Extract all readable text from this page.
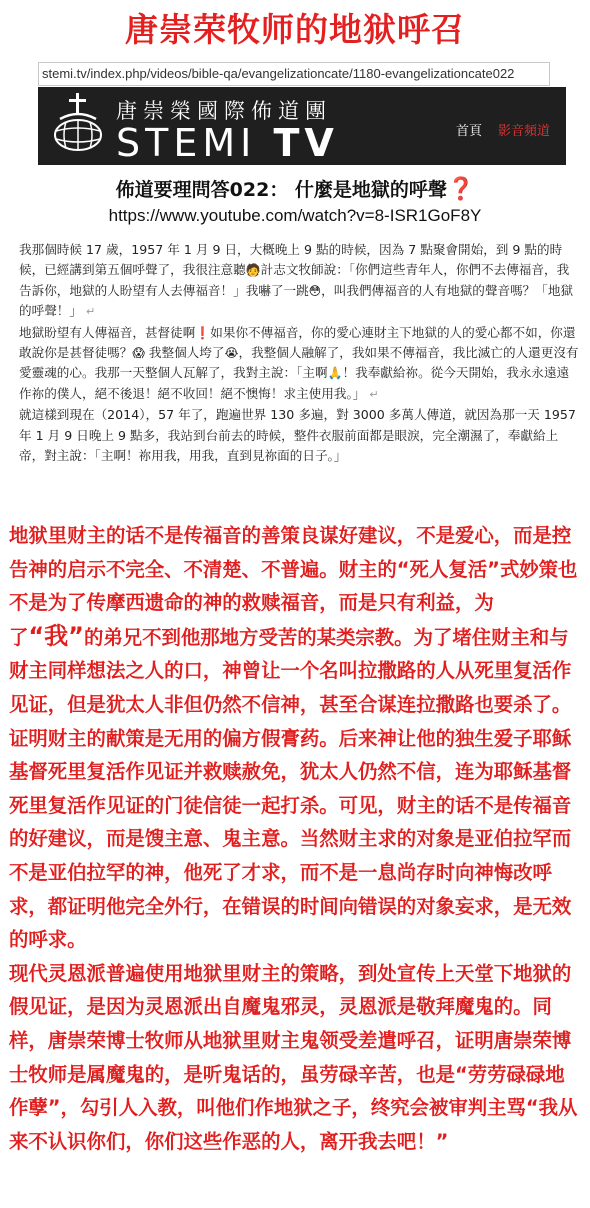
唐崇荣牧师的地狱呼召
stemi.tv/index.php/videos/bible-qa/evangelizationcate/1180-evangelizationcate022
唐崇榮國際佈道團
STEMI TV	首頁 影音頻道
佈道要理問答022： 什麼是地獄的呼聲❓
https://www.youtube.com/watch?v=8-ISR1GoF8Y

我那個時候 17 歲，1957 年 1 月 9 日，大概晚上 9 點的時候，因為 7 點聚會開始，到 9 點的時候，已經講到第五個呼聲了，我很注意聽🧑計志文牧師說：「你們這些青年人，你們不去傳福音，我告訴你，地獄的人盼望有人去傳福音！」我嚇了一跳😳，叫我們傳福音的人有地獄的聲音嗎？「地獄的呼聲！」 ↵

地獄盼望有人傳福音，甚督徒啊❗如果你不傳福音，你的愛心連財主下地獄的人的愛心都不如，你還敢說你是甚督徒嗎？😱 我整個人垮了😭，我整個人融解了，我如果不傳福音，我比滅亡的人還更沒有愛靈魂的心。我那一天整個人瓦解了，我對主說：「主啊🙏！我奉獻給祢。從今天開始，我永永遠遠作祢的僕人，絕不後退！絕不收回！絕不懊悔！求主使用我。」 ↵

就這樣到現在（2014），57 年了，跑遍世界 130 多遍，對 3000 多萬人傳道，就因為那一天 1957 年 1 月 9 日晚上 9 點多，我站到台前去的時候，整件衣服前面都是眼淚，完全潮濕了，奉獻給上帝，對主說：「主啊！祢用我，用我，直到見祢面的日子。」

地狱里财主的话不是传福音的善策良谋好建议，不是爱心，而是控告神的启示不完全、不清楚、不普遍。财主的“死人复活”式妙策也不是为了传摩西遗命的神的救赎福音，而是只有利益，为了“我”的弟兄不到他那地方受苦的某类宗教。为了堵住财主和与财主同样想法之人的口，神曾让一个名叫拉撒路的人从死里复活作见证，但是犹太人非但仍然不信神，甚至合谋连拉撒路也要杀了。证明财主的献策是无用的偏方假膏药。后来神让他的独生爱子耶稣基督死里复活作见证并救赎赦免，犹太人仍然不信，连为耶稣基督死里复活作见证的门徒信徒一起打杀。可见，财主的话不是传福音的好建议，而是馊主意、鬼主意。当然财主求的对象是亚伯拉罕而不是亚伯拉罕的神，他死了才求，而不是一息尚存时向神悔改呼求，都证明他完全外行，在错误的时间向错误的对象妄求，是无效的呼求。

现代灵恩派普遍使用地狱里财主的策略，到处宣传上天堂下地狱的假见证，是因为灵恩派出自魔鬼邪灵，灵恩派是敬拜魔鬼的。同样，唐崇荣博士牧师从地狱里财主鬼领受差遣呼召，证明唐崇荣博士牧师是属魔鬼的，是听鬼话的，虽劳碌辛苦，也是“劳劳碌碌地作孽”，勾引人入教，叫他们作地狱之子，终究会被审判主骂“我从来不认识你们，你们这些作恶的人，离开我去吧！”
